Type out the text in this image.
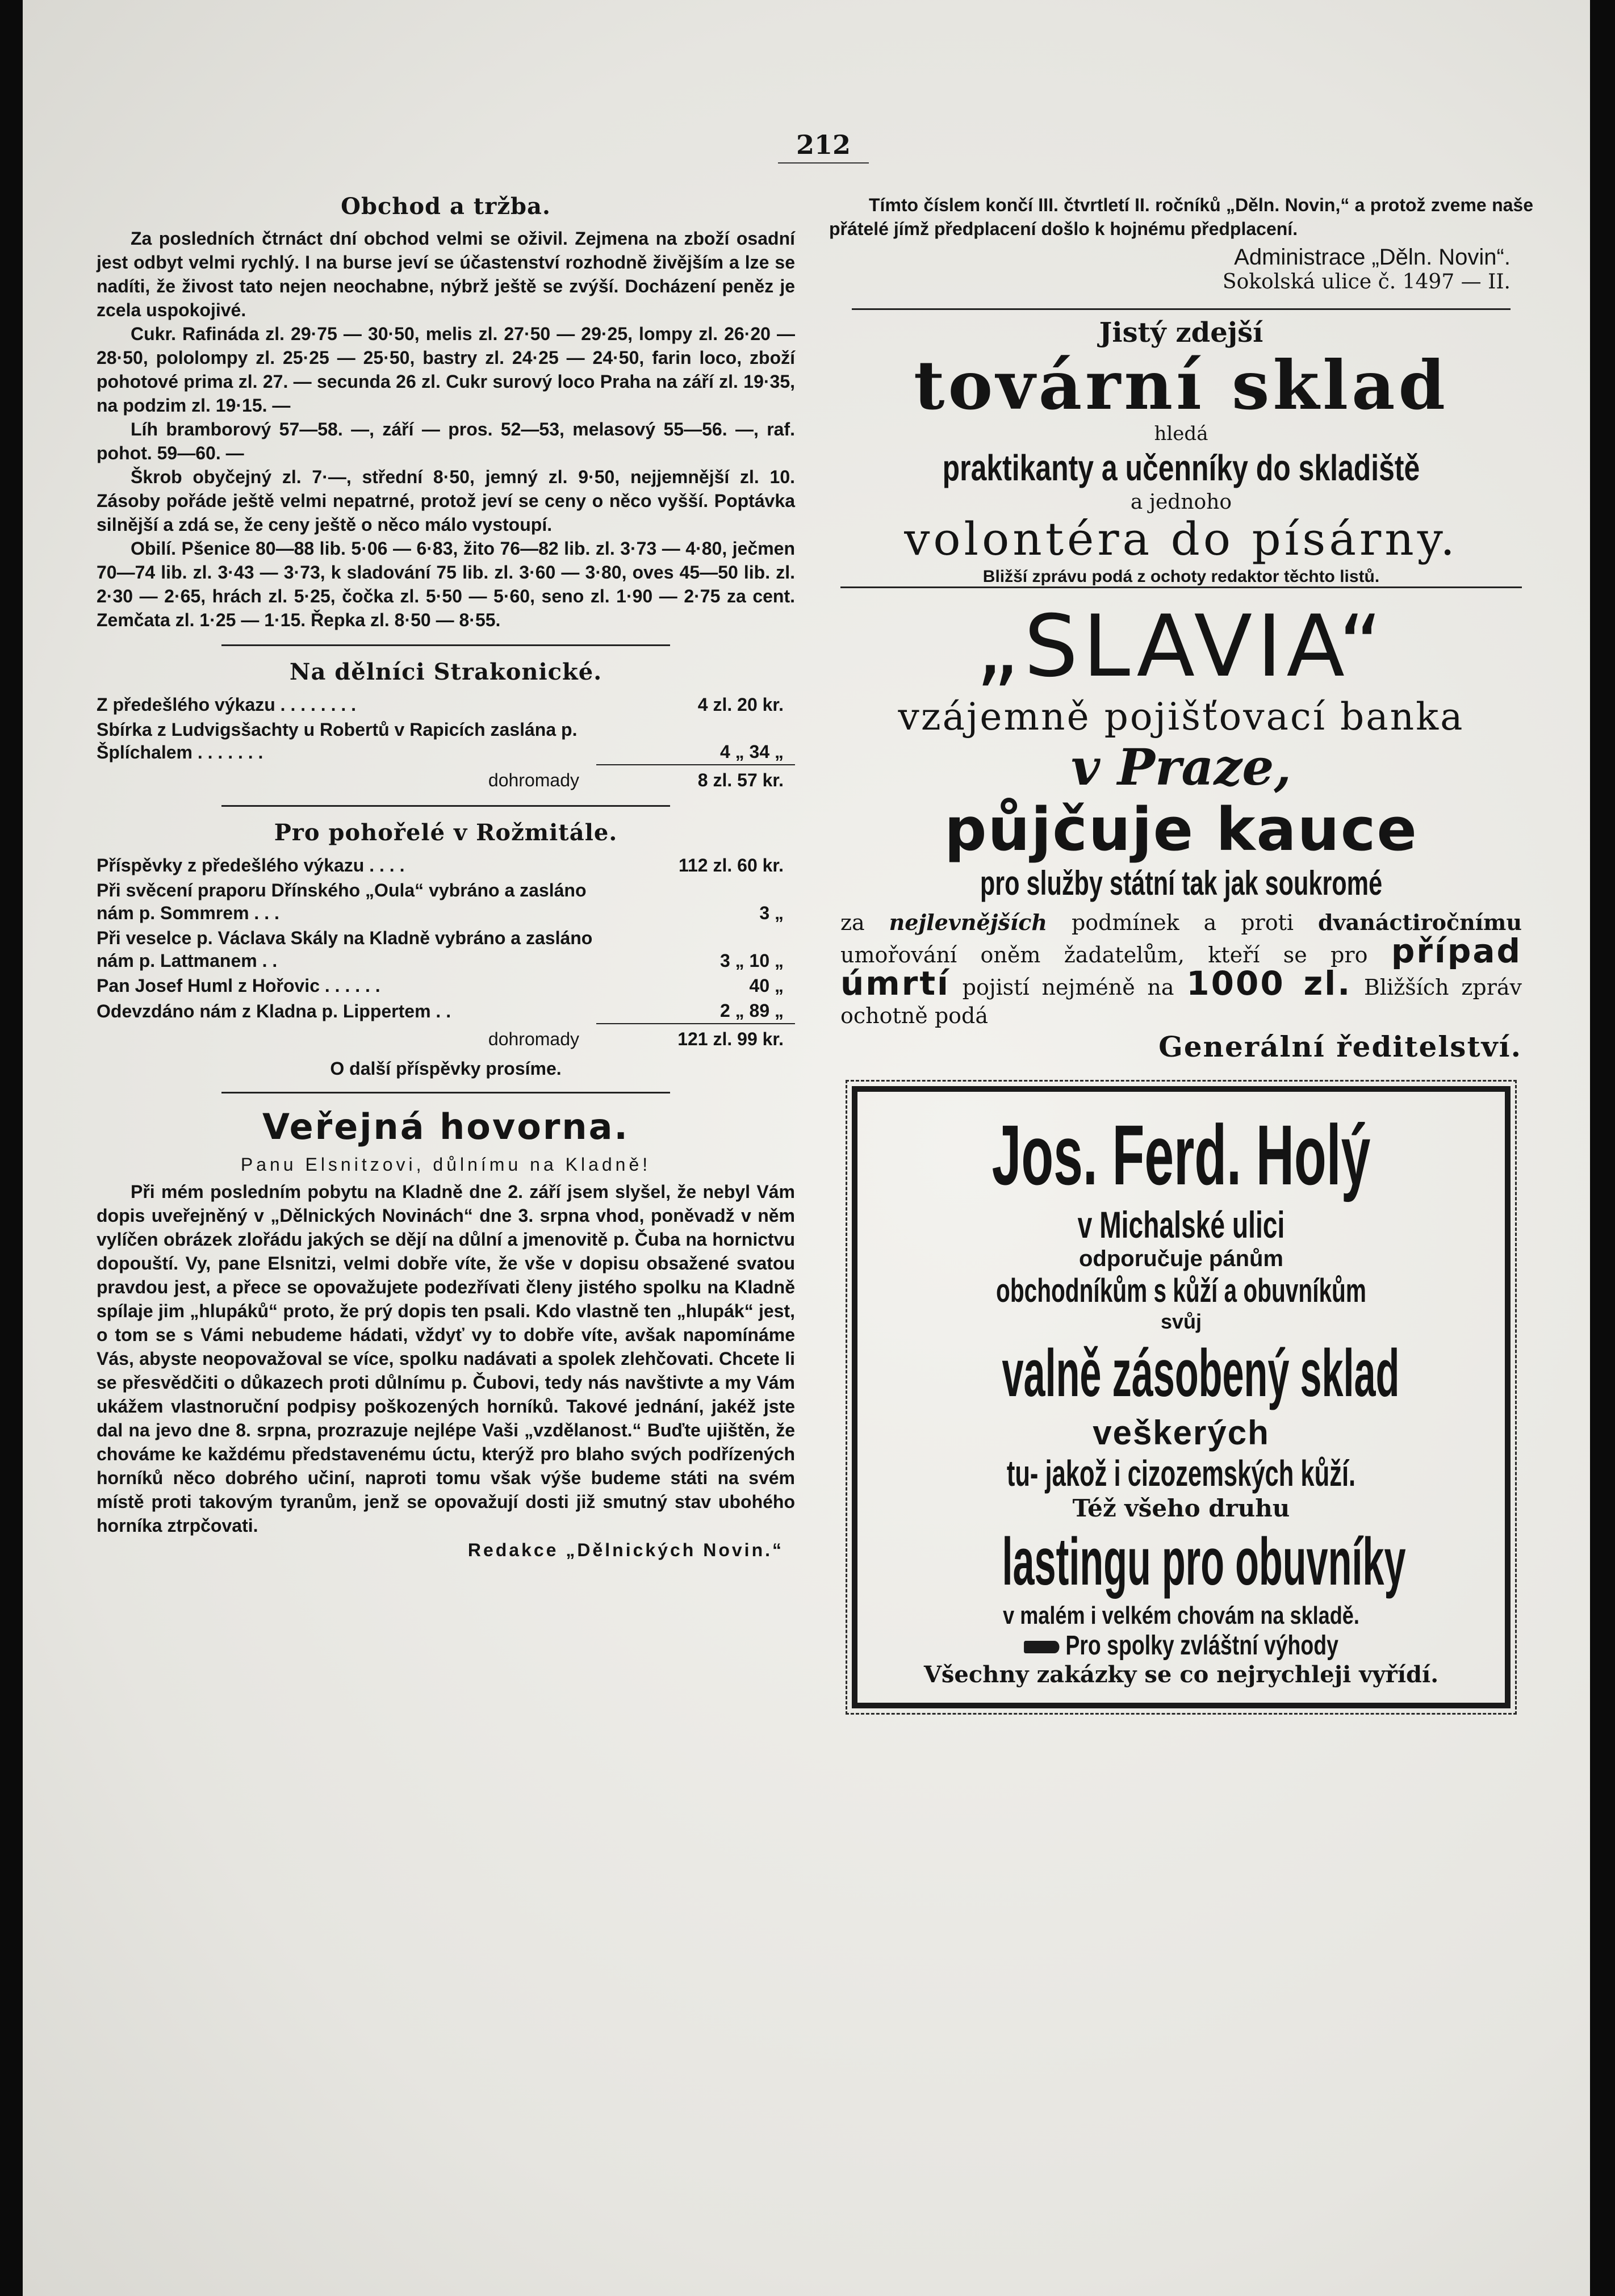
212
Obchod a tržba.

Za posledních čtrnáct dní obchod velmi se oživil. Zejmena na zboží osadní jest odbyt velmi rychlý. I na burse jeví se účastenství rozhodně živějším a lze se nadíti, že živost tato nejen neochabne, nýbrž ještě se zvýší. Docházení peněz je zcela uspokojivé.

Cukr. Rafináda zl. 29·75 — 30·50, melis zl. 27·50 — 29·25, lompy zl. 26·20 — 28·50, pololompy zl. 25·25 — 25·50, bastry zl. 24·25 — 24·50, farin loco, zboží pohotové prima zl. 27. — secunda 26 zl. Cukr surový loco Praha na září zl. 19·35, na podzim zl. 19·15. —

Líh bramborový 57—58. —, září — pros. 52—53, melasový 55—56. —, raf. pohot. 59—60. —

Škrob obyčejný zl. 7·—, střední 8·50, jemný zl. 9·50, nejjemnější zl. 10. Zásoby pořáde ještě velmi nepatrné, protož jeví se ceny o něco vyšší. Poptávka silnější a zdá se, že ceny ještě o něco málo vystoupí.

Obilí. Pšenice 80—88 lib. 5·06 — 6·83, žito 76—82 lib. zl. 3·73 — 4·80, ječmen 70—74 lib. zl. 3·43 — 3·73, k sladování 75 lib. zl. 3·60 — 3·80, oves 45—50 lib. zl. 2·30 — 2·65, hrách zl. 5·25, čočka zl. 5·50 — 5·60, seno zl. 1·90 — 2·75 za cent. Zemčata zl. 1·25 — 1·15. Řepka zl. 8·50 — 8·55.

Na dělníci Strakonické.
Z předešlého výkazu . . . . . . . .	4 zl. 20 kr.
Sbírka z Ludvigsšachty u Robertů v Rapicích zaslána p. Šplíchalem . . . . . . .	4 „ 34 „
dohromady	8 zl. 57 kr.
Pro pohořelé v Rožmitále.
Příspěvky z předešlého výkazu . . . .	112 zl. 60 kr.
Při svěcení praporu Dřínského „Oula“ vybráno a zasláno nám p. Sommrem . . .	3 „
Při veselce p. Václava Skály na Kladně vybráno a zasláno nám p. Lattmanem . .	3 „ 10 „
Pan Josef Huml z Hořovic . . . . . .	40 „
Odevzdáno nám z Kladna p. Lippertem . .	2 „ 89 „
dohromady	121 zl. 99 kr.

O další příspěvky prosíme.

Veřejná hovorna.

Panu Elsnitzovi, důlnímu na Kladně!

Při mém posledním pobytu na Kladně dne 2. září jsem slyšel, že nebyl Vám dopis uveřejněný v „Dělnických Novinách“ dne 3. srpna vhod, poněvadž v něm vylíčen obrázek zlořádu jakých se dějí na důlní a jmenovitě p. Čuba na hornictvu dopouští. Vy, pane Elsnitzi, velmi dobře víte, že vše v dopisu obsažené svatou pravdou jest, a přece se opovažujete podezřívati členy jistého spolku na Kladně spílaje jim „hlupáků“ proto, že prý dopis ten psali. Kdo vlastně ten „hlupák“ jest, o tom se s Vámi nebudeme hádati, vždyť vy to dobře víte, avšak napomínáme Vás, abyste neopovažoval se více, spolku nadávati a spolek zlehčovati. Chcete li se přesvědčiti o důkazech proti důlnímu p. Čubovi, tedy nás navštivte a my Vám ukážem vlastnoruční podpisy poškozených horníků. Takové jednání, jakéž jste dal na jevo dne 8. srpna, prozrazuje nejlépe Vaši „vzdělanost.“ Buďte ujištěn, že chováme ke každému představenému úctu, kterýž pro blaho svých podřízených horníků něco dobrého učiní, naproti tomu však výše budeme státi na svém místě proti takovým tyranům, jenž se opovažují dosti již smutný stav ubohého horníka ztrpčovati.

Redakce „Dělnických Novin.“

Tímto číslem končí III. čtvrtletí II. ročníků „Děln. Novin,“ a protož zveme naše přátelé jímž předplacení došlo k hojnému předplacení.

Administrace „Děln. Novin“.

Sokolská ulice č. 1497 — II.

Jistý zdejší

tovární sklad

hledá

praktikanty a učenníky do skladiště

a jednoho

volontéra do písárny.

Bližší zprávu podá z ochoty redaktor těchto listů.

„SLAVIA“

vzájemně pojišťovací banka

v Praze,

půjčuje kauce

pro služby státní tak jak soukromé

za nejlevnějších podmínek a proti dvanáctiročnímu umořování oněm žadatelům, kteří se pro případ úmrtí pojistí nejméně na 1000 zl. Bližších zpráv ochotně podá

Generální ředitelství.

Jos. Ferd. Holý
v Michalské ulici
odporučuje pánům
obchodníkům s kůží a obuvníkům
svůj
valně zásobený sklad
veškerých
tu- jakož i cizozemských kůží.
Též všeho druhu
lastingu pro obuvníky
v malém i velkém chovám na skladě.
Pro spolky zvláštní výhody
Všechny zakázky se co nejrychleji vyřídí.
